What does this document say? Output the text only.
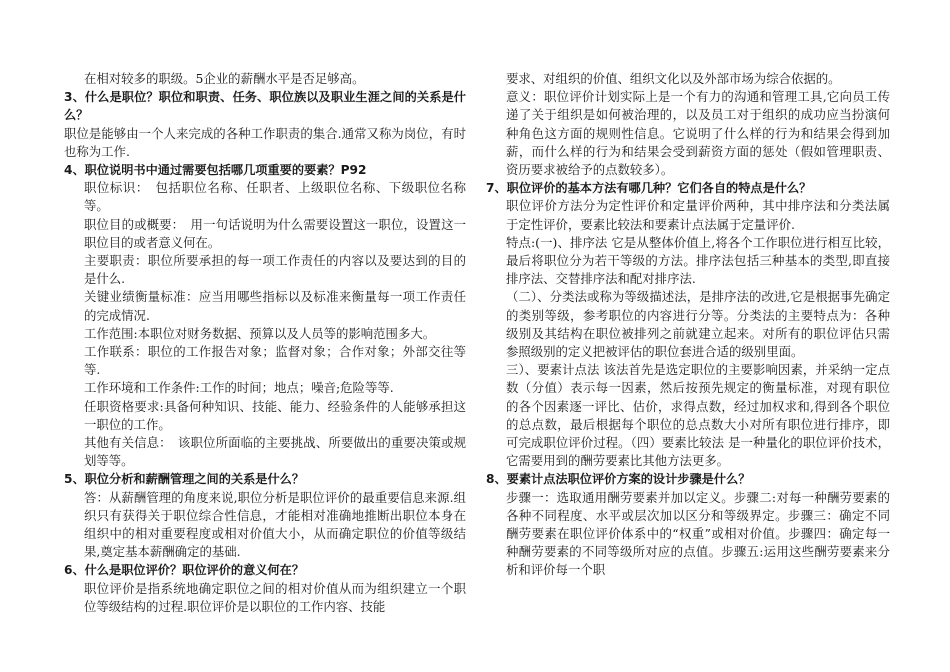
在相对较多的职级。5企业的薪酬水平是否足够高。

3、什么是职位？职位和职责、任务、职位族以及职业生涯之间的关系是什么？

职位是能够由一个人来完成的各种工作职责的集合.通常又称为岗位，有时也称为工作.

4、职位说明书中通过需要包括哪几项重要的要素？P92

职位标识：　包括职位名称、任职者、上级职位名称、下级职位名称等。

职位目的或概要：　用一句话说明为什么需要设置这一职位，设置这一职位目的或者意义何在。

主要职责：职位所要承担的每一项工作责任的内容以及要达到的目的是什么.

关键业绩衡量标准：应当用哪些指标以及标准来衡量每一项工作责任的完成情况.

工作范围:本职位对财务数据、预算以及人员等的影响范围多大。

工作联系：职位的工作报告对象；监督对象；合作对象；外部交往等等.

工作环境和工作条件:工作的时间；地点；噪音;危险等等.

任职资格要求:具备何种知识、技能、能力、经验条件的人能够承担这一职位的工作。

其他有关信息：　该职位所面临的主要挑战、所要做出的重要决策或规划等等。

5、职位分析和薪酬管理之间的关系是什么？

答：从薪酬管理的角度来说,职位分析是职位评价的最重要信息来源.组织只有获得关于职位综合性信息，才能相对准确地推断出职位本身在组织中的相对重要程度或相对价值大小，从而确定职位的价值等级结果,奠定基本薪酬确定的基础.

6、什么是职位评价？职位评价的意义何在？

职位评价是指系统地确定职位之间的相对价值从而为组织建立一个职位等级结构的过程.职位评价是以职位的工作内容、技能

要求、对组织的价值、组织文化以及外部市场为综合依据的。

意义：职位评价计划实际上是一个有力的沟通和管理工具,它向员工传递了关于组织是如何被治理的，以及员工对于组织的成功应当扮演何种角色这方面的规则性信息。它说明了什么样的行为和结果会得到加薪，而什么样的行为和结果会受到薪资方面的惩处（假如管理职责、资历要求被给予的点数较多）。

7、职位评价的基本方法有哪几种？它们各自的特点是什么？

职位评价方法分为定性评价和定量评价两种，其中排序法和分类法属于定性评价，要素比较法和要素计点法属于定量评价.

特点:(一)、排序法 它是从整体价值上,将各个工作职位进行相互比较，最后将职位分为若干等级的方法。排序法包括三种基本的类型,即直接排序法、交替排序法和配对排序法.

（二）、分类法或称为等级描述法，是排序法的改进,它是根据事先确定的类别等级，参考职位的内容进行分等。分类法的主要特点为：各种级别及其结构在职位被排列之前就建立起来。对所有的职位评估只需参照级别的定义把被评估的职位套进合适的级别里面。

三）、要素计点法 该法首先是选定职位的主要影响因素，并采纳一定点数（分值）表示每一因素，然后按预先规定的衡量标准，对现有职位的各个因素逐一评比、估价，求得点数，经过加权求和,得到各个职位的总点数，最后根据每个职位的总点数大小对所有职位进行排序，即可完成职位评价过程。（四）要素比较法 是一种量化的职位评价技术，它需要用到的酬劳要素比其他方法更多。

8、要素计点法职位评价方案的设计步骤是什么？

步骤一：选取通用酬劳要素并加以定义。步骤二:对每一种酬劳要素的各种不同程度、水平或层次加以区分和等级界定。步骤三：确定不同酬劳要素在职位评价体系中的“权重”或相对价值。步骤四：确定每一种酬劳要素的不同等级所对应的点值。步骤五:运用这些酬劳要素来分析和评价每一个职
